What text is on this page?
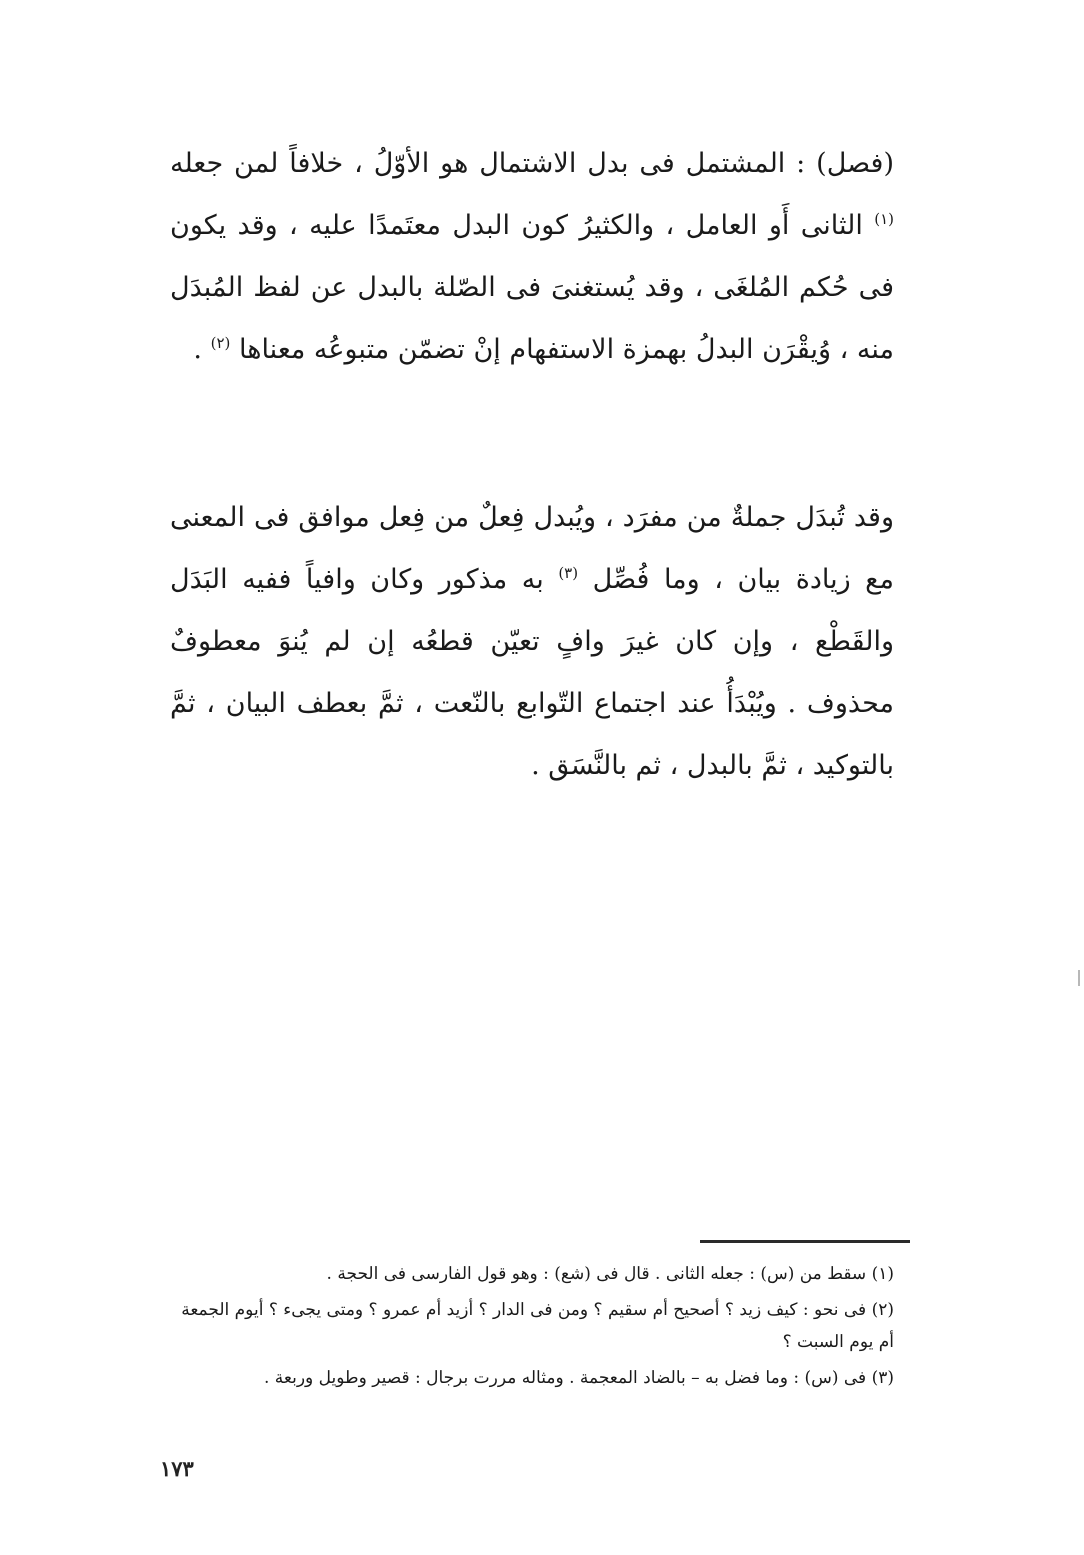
(فصل) : المشتمل فى بدل الاشتمال هو الأوّلُ ، خلافاً لمن جعله $^{(١)}$ الثانى أَو العامل ، والكثيرُ كون البدل معتَمدًا عليه ، وقد يكون فى حُكم المُلغَى ، وقد يُستغنىَ فى الصّلة بالبدل عن لفظ المُبدَل منه ، وُيقْرَن البدلُ بهمزة الاستفهام إنْ تضمّن متبوعُه معناها $^{(٢)}$ .

وقد تُبدَل جملةٌ من مفرَد ، ويُبدل فِعلٌ من فِعل موافق فى المعنى مع زيادة بيان ، وما فُصِّل $^{(٣)}$ به مذكور وكان وافياً ففيه البَدَل والقَطْع ، وإن كان غيرَ وافٍ تعيّن قطعُه إن لم يُنوَ معطوفٌ محذوف . ويُبْدَأُ عند اجتماع التّوابع بالنّعت ، ثمَّ بعطف البيان ، ثمَّ بالتوكيد ، ثمَّ بالبدل ، ثم بالنَّسَق .

(١) سقط من (س) : جعله الثانى . قال فى (شع) : وهو قول الفارسى فى الحجة .

(٢) فى نحو : كيف زيد ؟ أصحيح أم سقيم ؟ ومن فى الدار ؟ أزيد أم عمرو ؟ ومتى يجىء ؟ أيوم الجمعة أم يوم السبت ؟

(٣) فى (س) : وما فضل به – بالضاد المعجمة . ومثاله مررت برجال : قصير وطويل وربعة .

١٧٣
